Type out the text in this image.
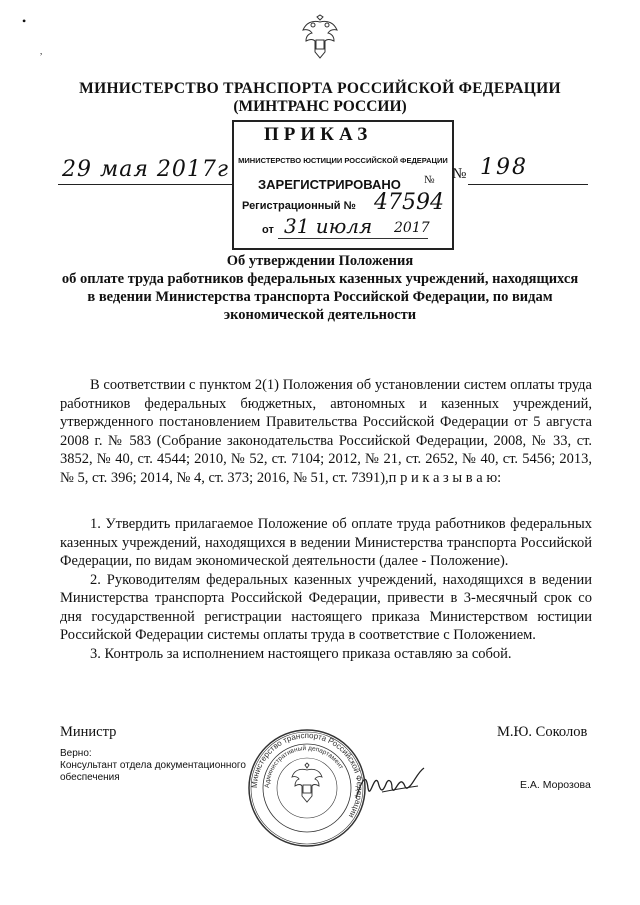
•
,
МИНИСТЕРСТВО ТРАНСПОРТА РОССИЙСКОЙ ФЕДЕРАЦИИ
(МИНТРАНС РОССИИ)
ПРИКАЗ
МИНИСТЕРСТВО ЮСТИЦИИ РОССИЙСКОЙ ФЕДЕРАЦИИ
ЗАРЕГИСТРИРОВАНО №
Регистрационный № 47594
от 31 июля 2017
29 мая 2017г	№ 198
Об утверждении Положения
об оплате труда работников федеральных казенных учреждений, находящихся
в ведении Министерства транспорта Российской Федерации, по видам
экономической деятельности

В соответствии с пунктом 2(1) Положения об установлении систем оплаты труда работников федеральных бюджетных, автономных и казенных учреждений, утвержденного постановлением Правительства Российской Федерации от 5 августа 2008 г. № 583 (Собрание законодательства Российской Федерации, 2008, № 33, ст. 3852, № 40, ст. 4544; 2010, № 52, ст. 7104; 2012, № 21, ст. 2652, № 40, ст. 5456; 2013, № 5, ст. 396; 2014, № 4, ст. 373; 2016, № 51, ст. 7391),п р и к а з ы в а ю:

1. Утвердить прилагаемое Положение об оплате труда работников федеральных казенных учреждений, находящихся в ведении Министерства транспорта Российской Федерации, по видам экономической деятельности (далее - Положение).

2. Руководителям федеральных казенных учреждений, находящихся в ведении Министерства транспорта Российской Федерации, привести в 3-месячный срок со дня государственной регистрации настоящего приказа Министерством юстиции Российской Федерации системы оплаты труда в соответствие с Положением.

3. Контроль за исполнением настоящего приказа оставляю за собой.

Министр	М.Ю. Соколов
Верно:
Консультант отдела документационного
обеспечения
Е.А. Морозова
Министерство транспорта Российской Федерации
Административный департамент
